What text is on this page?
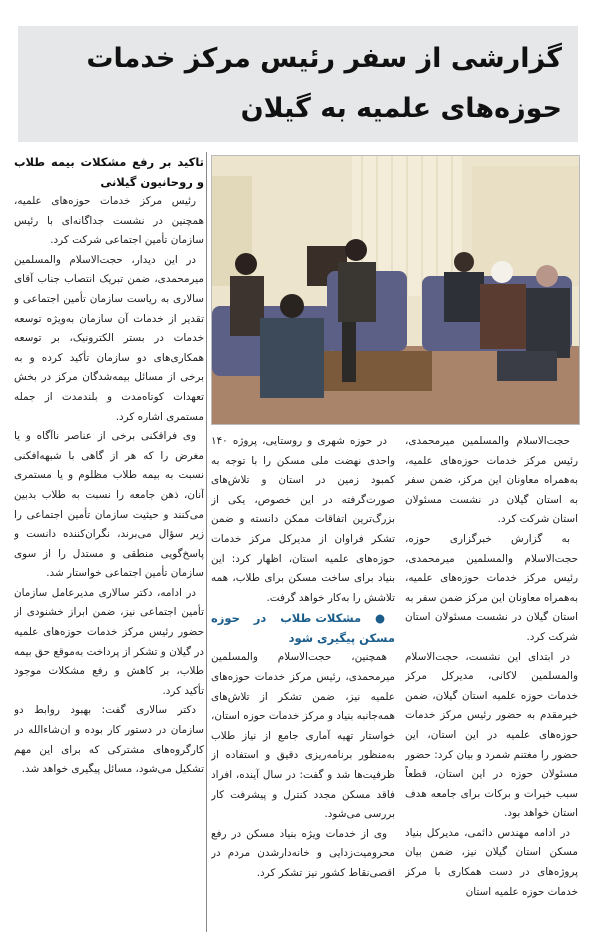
گزارشی از سفر رئیس مرکز خدمات
حوزه‌های علمیه به گیلان

تاکید بر رفع مشکلات بیمه طلاب و روحانیون گیلانی

رئیس مرکز خدمات حوزه‌های علمیه، همچنین در نشست جداگانه‌ای با رئیس سازمان تأمین اجتماعی شرکت کرد.

در این دیدار، حجت‌الاسلام والمسلمین میرمحمدی، ضمن تبریک انتصاب جناب آقای سالاری به ریاست سازمان تأمین اجتماعی و تقدیر از خدمات آن سازمان به‌ویژه توسعه خدمات در بستر الکترونیک، بر توسعه همکاری‌های دو سازمان تأکید کرده و به برخی از مسائل بیمه‌شدگان مرکز در بخش تعهدات کوتاه‌مدت و بلندمدت از جمله مستمری اشاره کرد.

وی فراقکنی برخی از عناصر ناآگاه و یا مغرض را که هر از گاهی با شبهه‌افکنی نسبت به بیمه طلاب مظلوم و یا مستمری آنان، ذهن جامعه را نسبت به طلاب بدبین می‌کنند و حیثیت سازمان تأمین اجتماعی را زیر سؤال می‌برند، نگران‌کننده دانست و پاسخ‌گویی منطقی و مستدل را از سوی سازمان تأمین اجتماعی خواستار شد.

در ادامه، دکتر سالاری مدیرعامل سازمان تأمین اجتماعی نیز، ضمن ابراز خشنودی از حضور رئیس مرکز خدمات حوزه‌های علمیه در گیلان و تشکر از پرداخت به‌موقع حق بیمه طلاب، بر کاهش و رفع مشکلات موجود تأکید کرد.

دکتر سالاری گفت: بهبود روابط دو سازمان در دستور کار بوده و ان‌شاءالله در کارگروه‌های مشترکی که برای این مهم تشکیل می‌شود، مسائل پیگیری خواهد شد.

حجت‌الاسلام والمسلمین میرمحمدی، رئیس مرکز خدمات حوزه‌های علمیه، به‌همراه معاونان این مرکز، ضمن سفر به استان گیلان در نشست مسئولان استان شرکت کرد.

به گزارش خبرگزاری حوزه، حجت‌الاسلام والمسلمین میرمحمدی، رئیس مرکز خدمات حوزه‌های علمیه، به‌همراه معاونان این مرکز ضمن سفر به استان گیلان در نشست مسئولان استان شرکت کرد.

در ابتدای این نشست، حجت‌الاسلام والمسلمین لاکانی، مدیرکل مرکز خدمات حوزه علمیه استان گیلان، ضمن خیرمقدم به حضور رئیس مرکز خدمات حوزه‌های علمیه در این استان، این حضور را مغتنم شمرد و بیان کرد: حضور مسئولان حوزه در این استان، قطعاً سبب خیرات و برکات برای جامعه هدف استان خواهد بود.

در ادامه مهندس دائمی، مدیرکل بنیاد مسکن استان گیلان نیز، ضمن بیان پروژه‌های در دست همکاری با مرکز خدمات حوزه علمیه استان

در حوزه شهری و روستایی، پروژه ۱۴۰ واحدی نهضت ملی مسکن را با توجه به کمبود زمین در استان و تلاش‌های صورت‌گرفته در این خصوص، یکی از بزرگ‌ترین اتفاقات ممکن دانسته و ضمن تشکر فراوان از مدیرکل مرکز خدمات حوزه‌های علمیه استان، اظهار کرد: این بنیاد برای ساخت مسکن برای طلاب، همه تلاشش را به‌کار خواهد گرفت.

● مشکلات طلاب در حوزه مسکن پیگیری شود

همچنین، حجت‌الاسلام والمسلمین میرمحمدی، رئیس مرکز خدمات حوزه‌های علمیه نیز، ضمن تشکر از تلاش‌های همه‌جانبه بنیاد و مرکز خدمات حوزه استان، خواستار تهیه آماری جامع از نیاز طلاب به‌منظور برنامه‌ریزی دقیق و استفاده از ظرفیت‌ها شد و گفت: در سال آینده، افراد فاقد مسکن مجدد کنترل و پیشرفت کار بررسی می‌شود.

وی از خدمات ویژه بنیاد مسکن در رفع محرومیت‌زدایی و خانه‌دارشدن مردم در اقصی‌نقاط کشور نیز تشکر کرد.
